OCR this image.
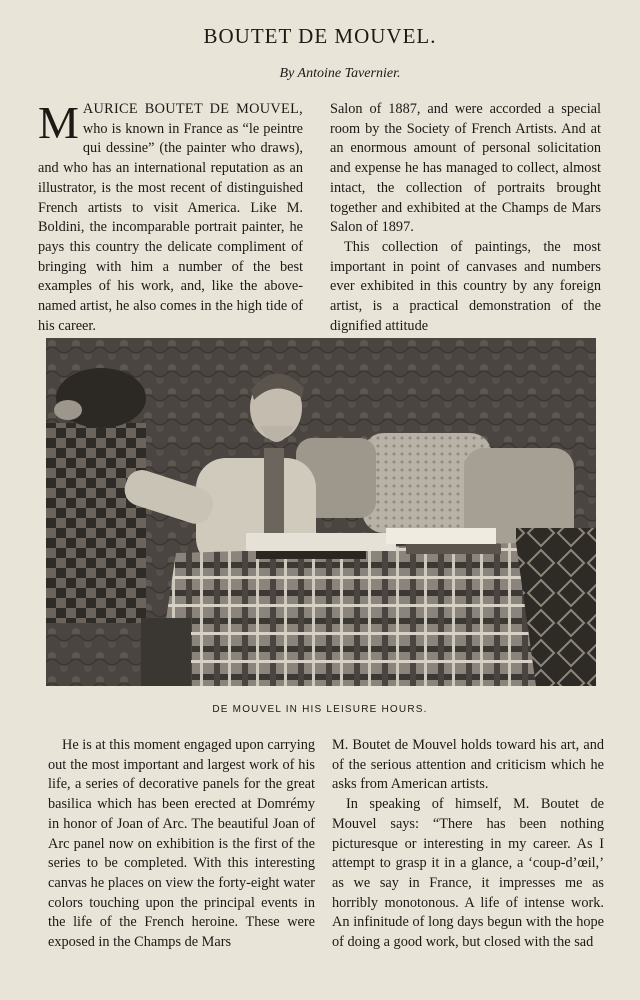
BOUTET DE MOUVEL.
By Antoine Tavernier.

M AURICE BOUTET DE MOUVEL, who is known in France as “le peintre qui dessine” (the painter who draws), and who has an international reputation as an illustrator, is the most recent of distinguished French artists to visit America. Like M. Boldini, the incomparable portrait painter, he pays this country the delicate compliment of bringing with him a number of the best examples of his work, and, like the above-named artist, he also comes in the high tide of his career.

Salon of 1887, and were accorded a special room by the Society of French Artists. And at an enormous amount of personal solicitation and expense he has managed to collect, almost intact, the collection of portraits brought together and exhibited at the Champs de Mars Salon of 1897.

This collection of paintings, the most important in point of canvases and numbers ever exhibited in this country by any foreign artist, is a practical demonstration of the dignified attitude

DE MOUVEL IN HIS LEISURE HOURS.

He is at this moment engaged upon carrying out the most important and largest work of his life, a series of decorative panels for the great basilica which has been erected at Domrémy in honor of Joan of Arc. The beautiful Joan of Arc panel now on exhibition is the first of the series to be completed. With this interesting canvas he places on view the forty-eight water colors touching upon the principal events in the life of the French heroine. These were exposed in the Champs de Mars

M. Boutet de Mouvel holds toward his art, and of the serious attention and criticism which he asks from American artists.

In speaking of himself, M. Boutet de Mouvel says: “There has been nothing picturesque or interesting in my career. As I attempt to grasp it in a glance, a ‘coup-d’œil,’ as we say in France, it impresses me as horribly monotonous. A life of intense work. An infinitude of long days begun with the hope of doing a good work, but closed with the sad
